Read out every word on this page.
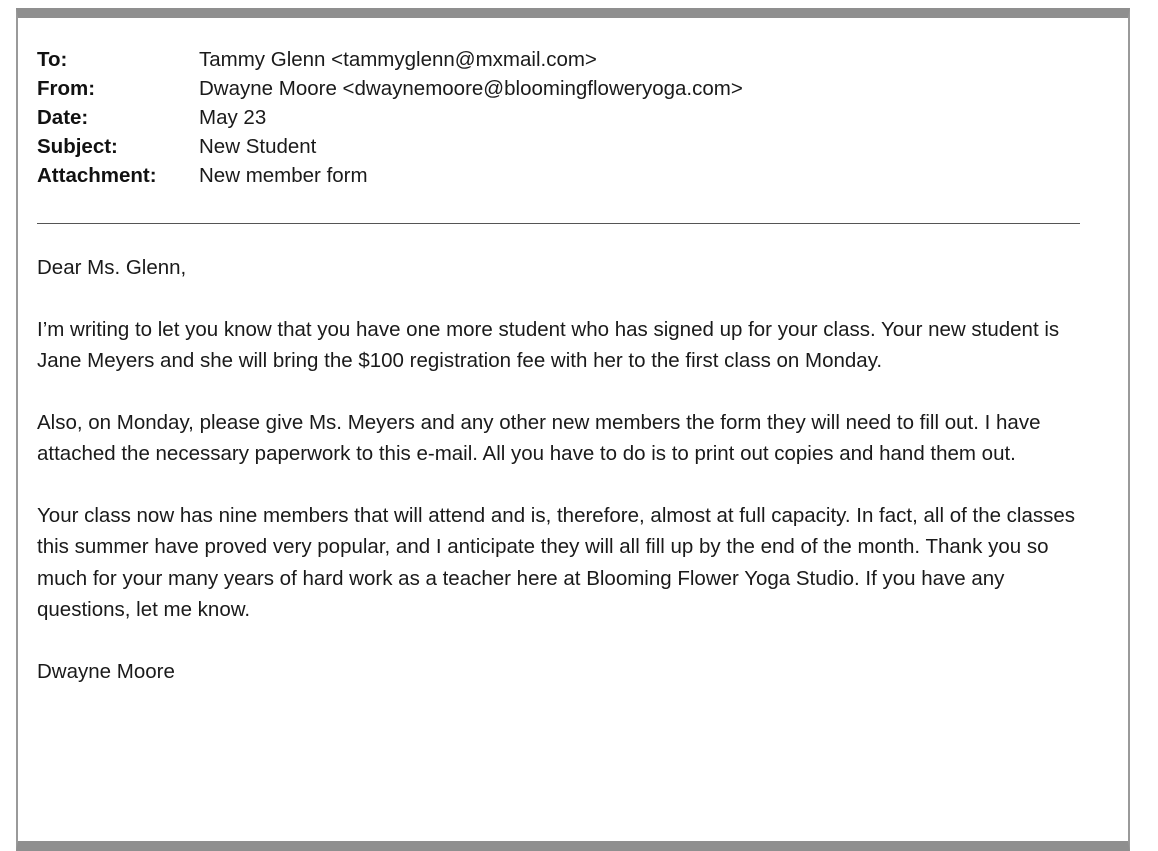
To:	Tammy Glenn <tammyglenn@mxmail.com>
From:	Dwayne Moore <dwaynemoore@bloomingfloweryoga.com>
Date:	May 23
Subject:	New Student
Attachment:	New member form

Dear Ms. Glenn,

I’m writing to let you know that you have one more student who has signed up for your class. Your new student is Jane Meyers and she will bring the $100 registration fee with her to the first class on Monday.

Also, on Monday, please give Ms. Meyers and any other new members the form they will need to fill out. I have attached the necessary paperwork to this e-mail. All you have to do is to print out copies and hand them out.

Your class now has nine members that will attend and is, therefore, almost at full capacity. In fact, all of the classes this summer have proved very popular, and I anticipate they will all fill up by the end of the month. Thank you so much for your many years of hard work as a teacher here at Blooming Flower Yoga Studio. If you have any questions, let me know.

Dwayne Moore
